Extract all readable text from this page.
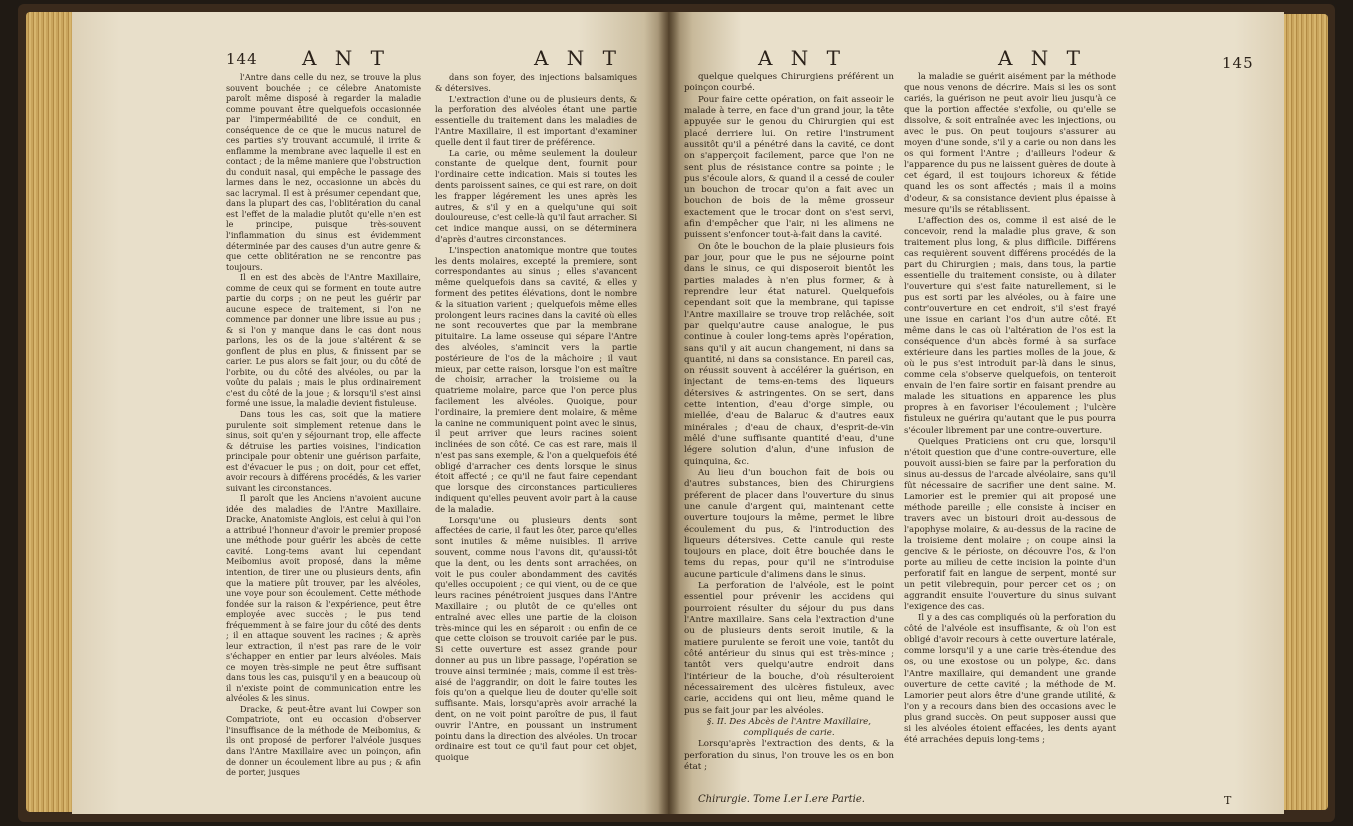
144 A N T	A N T

l'Antre dans celle du nez, se trouve la plus souvent bouchée ; ce célebre Anatomiste paroît même disposé à regarder la maladie comme pouvant être quelquefois occasionnée par l'imperméabilité de ce conduit, en conséquence de ce que le mucus naturel de ces parties s'y trouvant accumulé, il irrite & enflamme la membrane avec laquelle il est en contact ; de la même maniere que l'obstruction du conduit nasal, qui empêche le passage des larmes dans le nez, occasionne un abcès du sac lacrymal. Il est à présumer cependant que, dans la plupart des cas, l'oblitération du canal est l'effet de la maladie plutôt qu'elle n'en est le principe, puisque très-souvent l'inflammation du sinus est évidemment déterminée par des causes d'un autre genre & que cette oblitération ne se rencontre pas toujours.

Il en est des abcès de l'Antre Maxillaire, comme de ceux qui se forment en toute autre partie du corps ; on ne peut les guérir par aucune espece de traitement, si l'on ne commence par donner une libre issue au pus ; & si l'on y manque dans le cas dont nous parlons, les os de la joue s'altérent & se gonflent de plus en plus, & finissent par se carier. Le pus alors se fait jour, ou du côté de l'orbite, ou du côté des alvéoles, ou par la voûte du palais ; mais le plus ordinairement c'est du côté de la joue ; & lorsqu'il s'est ainsi formé une issue, la maladie devient fistuleuse.

Dans tous les cas, soit que la matiere purulente soit simplement retenue dans le sinus, soit qu'en y séjournant trop, elle affecte & détruise les parties voisines, l'indication principale pour obtenir une guérison parfaite, est d'évacuer le pus ; on doit, pour cet effet, avoir recours à différens procédés, & les varier suivant les circonstances.

Il paroît que les Anciens n'avoient aucune idée des maladies de l'Antre Maxillaire. Dracke, Anatomiste Anglois, est celui à qui l'on a attribué l'honneur d'avoir le premier proposé une méthode pour guérir les abcès de cette cavité. Long-tems avant lui cependant Meibomius avoit proposé, dans la même intention, de tirer une ou plusieurs dents, afin que la matiere pût trouver, par les alvéoles, une voye pour son écoulement. Cette méthode fondée sur la raison & l'expérience, peut être employée avec succès ; le pus tend fréquemment à se faire jour du côté des dents ; il en attaque souvent les racines ; & après leur extraction, il n'est pas rare de le voir s'échapper en entier par leurs alvéoles. Mais ce moyen très-simple ne peut être suffisant dans tous les cas, puisqu'il y en a beaucoup où il n'existe point de communication entre les alvéoles & les sinus.

Dracke, & peut-être avant lui Cowper son Compatriote, ont eu occasion d'observer l'insuffisance de la méthode de Meibomius, & ils ont proposé de perforer l'alvéole jusques dans l'Antre Maxillaire avec un poinçon, afin de donner un écoulement libre au pus ; & afin de porter, jusques

dans son foyer, des injections balsamiques & détersives.

L'extraction d'une ou de plusieurs dents, & la perforation des alvéoles étant une partie essentielle du traitement dans les maladies de l'Antre Maxillaire, il est important d'examiner quelle dent il faut tirer de préférence.

La carie, ou même seulement la douleur constante de quelque dent, fournit pour l'ordinaire cette indication. Mais si toutes les dents paroissent saines, ce qui est rare, on doit les frapper légérement les unes après les autres, & s'il y en a quelqu'une qui soit douloureuse, c'est celle-là qu'il faut arracher. Si cet indice manque aussi, on se déterminera d'après d'autres circonstances.

L'inspection anatomique montre que toutes les dents molaires, excepté la premiere, sont correspondantes au sinus ; elles s'avancent même quelquefois dans sa cavité, & elles y forment des petites élévations, dont le nombre & la situation varient ; quelquefois même elles prolongent leurs racines dans la cavité où elles ne sont recouvertes que par la membrane pituitaire. La lame osseuse qui sépare l'Antre des alvéoles, s'amincit vers la partie postérieure de l'os de la mâchoire ; il vaut mieux, par cette raison, lorsque l'on est maître de choisir, arracher la troisieme ou la quatrieme molaire, parce que l'on perce plus facilement les alvéoles. Quoique, pour l'ordinaire, la premiere dent molaire, & même la canine ne communiquent point avec le sinus, il peut arriver que leurs racines soient inclinées de son côté. Ce cas est rare, mais il n'est pas sans exemple, & l'on a quelquefois été obligé d'arracher ces dents lorsque le sinus étoit affecté ; ce qu'il ne faut faire cependant que lorsque des circonstances particulieres indiquent qu'elles peuvent avoir part à la cause de la maladie.

Lorsqu'une ou plusieurs dents sont affectées de carie, il faut les ôter, parce qu'elles sont inutiles & même nuisibles. Il arrive souvent, comme nous l'avons dit, qu'aussi-tôt que la dent, ou les dents sont arrachées, on voit le pus couler abondamment des cavités qu'elles occupoient ; ce qui vient, ou de ce que leurs racines pénétroient jusques dans l'Antre Maxillaire ; ou plutôt de ce qu'elles ont entraîné avec elles une partie de la cloison très-mince qui les en séparoit : ou enfin de ce que cette cloison se trouvoit cariée par le pus. Si cette ouverture est assez grande pour donner au pus un libre passage, l'opération se trouve ainsi terminée ; mais, comme il est très-aisé de l'aggrandir, on doit le faire toutes les fois qu'on a quelque lieu de douter qu'elle soit suffisante. Mais, lorsqu'après avoir arraché la dent, on ne voit point paroître de pus, il faut ouvrir l'Antre, en poussant un instrument pointu dans la direction des alvéoles. Un trocar ordinaire est tout ce qu'il faut pour cet objet, quoique

A N T	A N T	145

quelque quelques Chirurgiens préférent un poinçon courbé.

Pour faire cette opération, on fait asseoir le malade à terre, en face d'un grand jour, la tête appuyée sur le genou du Chirurgien qui est placé derriere lui. On retire l'instrument aussitôt qu'il a pénétré dans la cavité, ce dont on s'apperçoit facilement, parce que l'on ne sent plus de résistance contre sa pointe ; le pus s'écoule alors, & quand il a cessé de couler un bouchon de trocar qu'on a fait avec un bouchon de bois de la même grosseur exactement que le trocar dont on s'est servi, afin d'empêcher que l'air, ni les alimens ne puissent s'enfoncer tout-à-fait dans la cavité.

On ôte le bouchon de la plaie plusieurs fois par jour, pour que le pus ne séjourne point dans le sinus, ce qui disposeroit bientôt les parties malades à n'en plus former, & à reprendre leur état naturel. Quelquefois cependant soit que la membrane, qui tapisse l'Antre maxillaire se trouve trop relâchée, soit par quelqu'autre cause analogue, le pus continue à couler long-tems après l'opération, sans qu'il y ait aucun changement, ni dans sa quantité, ni dans sa consistance. En pareil cas, on réussit souvent à accélérer la guérison, en injectant de tems-en-tems des liqueurs détersives & astringentes. On se sert, dans cette intention, d'eau d'orge simple, ou miellée, d'eau de Balaruc & d'autres eaux minérales ; d'eau de chaux, d'esprit-de-vin mêlé d'une suffisante quantité d'eau, d'une légere solution d'alun, d'une infusion de quinquina, &c.

Au lieu d'un bouchon fait de bois ou d'autres substances, bien des Chirurgiens préferent de placer dans l'ouverture du sinus une canule d'argent qui, maintenant cette ouverture toujours la même, permet le libre écoulement du pus, & l'introduction des liqueurs détersives. Cette canule qui reste toujours en place, doit être bouchée dans le tems du repas, pour qu'il ne s'introduise aucune particule d'alimens dans le sinus.

La perforation de l'alvéole, est le point essentiel pour prévenir les accidens qui pourroient résulter du séjour du pus dans l'Antre maxillaire. Sans cela l'extraction d'une ou de plusieurs dents seroit inutile, & la matiere purulente se feroit une voie, tantôt du côté antérieur du sinus qui est très-mince ; tantôt vers quelqu'autre endroit dans l'intérieur de la bouche, d'où résulteroient nécessairement des ulcères fistuleux, avec carie, accidens qui ont lieu, même quand le pus se fait jour par les alvéoles.

§. II. Des Abcès de l'Antre Maxillaire, compliqués de carie.

Lorsqu'après l'extraction des dents, & la perforation du sinus, l'on trouve les os en bon état ;

la maladie se guérit aisément par la méthode que nous venons de décrire. Mais si les os sont cariés, la guérison ne peut avoir lieu jusqu'à ce que la portion affectée s'exfolie, ou qu'elle se dissolve, & soit entraînée avec les injections, ou avec le pus. On peut toujours s'assurer au moyen d'une sonde, s'il y a carie ou non dans les os qui forment l'Antre ; d'ailleurs l'odeur & l'apparence du pus ne laissent guères de doute à cet égard, il est toujours ichoreux & fétide quand les os sont affectés ; mais il a moins d'odeur, & sa consistance devient plus épaisse à mesure qu'ils se rétablissent.

L'affection des os, comme il est aisé de le concevoir, rend la maladie plus grave, & son traitement plus long, & plus difficile. Différens cas requièrent souvent différens procédés de la part du Chirurgien ; mais, dans tous, la partie essentielle du traitement consiste, ou à dilater l'ouverture qui s'est faite naturellement, si le pus est sorti par les alvéoles, ou à faire une contr'ouverture en cet endroit, s'il s'est frayé une issue en cariant l'os d'un autre côté. Et même dans le cas où l'altération de l'os est la conséquence d'un abcès formé à sa surface extérieure dans les parties molles de la joue, & où le pus s'est introduit par-là dans le sinus, comme cela s'observe quelquefois, on tenteroit envain de l'en faire sortir en faisant prendre au malade les situations en apparence les plus propres à en favoriser l'écoulement ; l'ulcère fistuleux ne guérira qu'autant que le pus pourra s'écouler librement par une contre-ouverture.

Quelques Praticiens ont cru que, lorsqu'il n'étoit question que d'une contre-ouverture, elle pouvoit aussi-bien se faire par la perforation du sinus au-dessus de l'arcade alvéolaire, sans qu'il fût nécessaire de sacrifier une dent saine. M. Lamorier est le premier qui ait proposé une méthode pareille ; elle consiste à inciser en travers avec un bistouri droit au-dessous de l'apophyse molaire, & au-dessus de la racine de la troisieme dent molaire ; on coupe ainsi la gencive & le périoste, on découvre l'os, & l'on porte au milieu de cette incision la pointe d'un perforatif fait en langue de serpent, monté sur un petit vilebrequin, pour percer cet os ; on aggrandit ensuite l'ouverture du sinus suivant l'exigence des cas.

Il y a des cas compliqués où la perforation du côté de l'alvéole est insuffisante, & où l'on est obligé d'avoir recours à cette ouverture latérale, comme lorsqu'il y a une carie très-étendue des os, ou une exostose ou un polype, &c. dans l'Antre maxillaire, qui demandent une grande ouverture de cette cavité ; la méthode de M. Lamorier peut alors être d'une grande utilité, & l'on y a recours dans bien des occasions avec le plus grand succès. On peut supposer aussi que si les alvéoles étoient effacées, les dents ayant été arrachées depuis long-tems ;

Chirurgie. Tome I.er I.ere Partie.	T
